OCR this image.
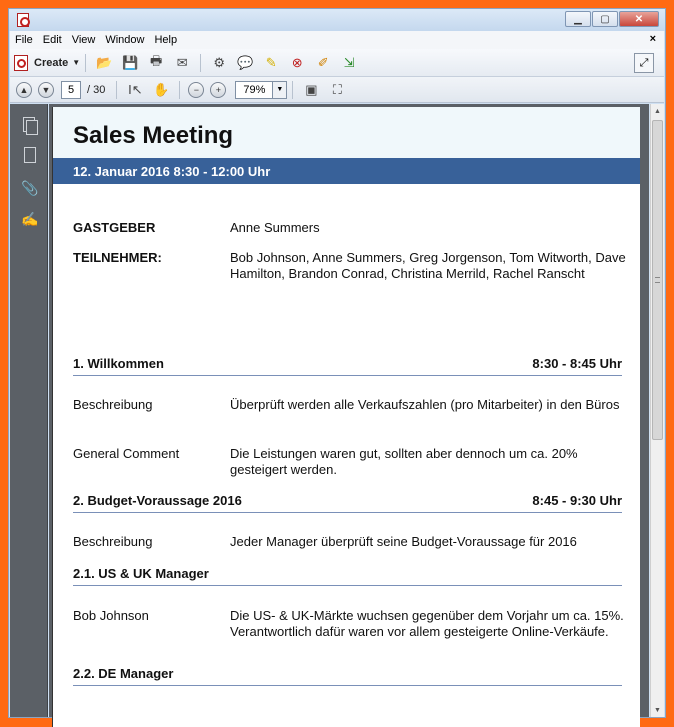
▁	▢	✕
File Edit View Window Help	×
Create ▼ 📂 💾 🖶	✉	⚙ 💬 ✎	⊗	✐	⇲	⤢
▲	▼	5	/ 30 I↖ ✋	−	+	79%	▼	▣	⛶
📎
✍
Sales Meeting
12. Januar 2016 8:30 - 12:00 Uhr
GASTGEBER	Anne Summers
TEILNEHMER:	Bob Johnson, Anne Summers, Greg Jorgenson, Tom Witworth, Dave Hamilton, Brandon Conrad, Christina Merrild, Rachel Ranscht
1. Willkommen	8:30 - 8:45 Uhr
Beschreibung	Überprüft werden alle Verkaufszahlen (pro Mitarbeiter) in den Büros
General Comment	Die Leistungen waren gut, sollten aber dennoch um ca. 20% gesteigert werden.
2. Budget-Voraussage 2016	8:45 - 9:30 Uhr
Beschreibung	Jeder Manager überprüft seine Budget-Voraussage für 2016
2.1. US & UK Manager
Bob Johnson	Die US- & UK-Märkte wuchsen gegenüber dem Vorjahr um ca. 15%. Verantwortlich dafür waren vor allem gesteigerte Online-Verkäufe.
2.2. DE Manager
▲
▼
